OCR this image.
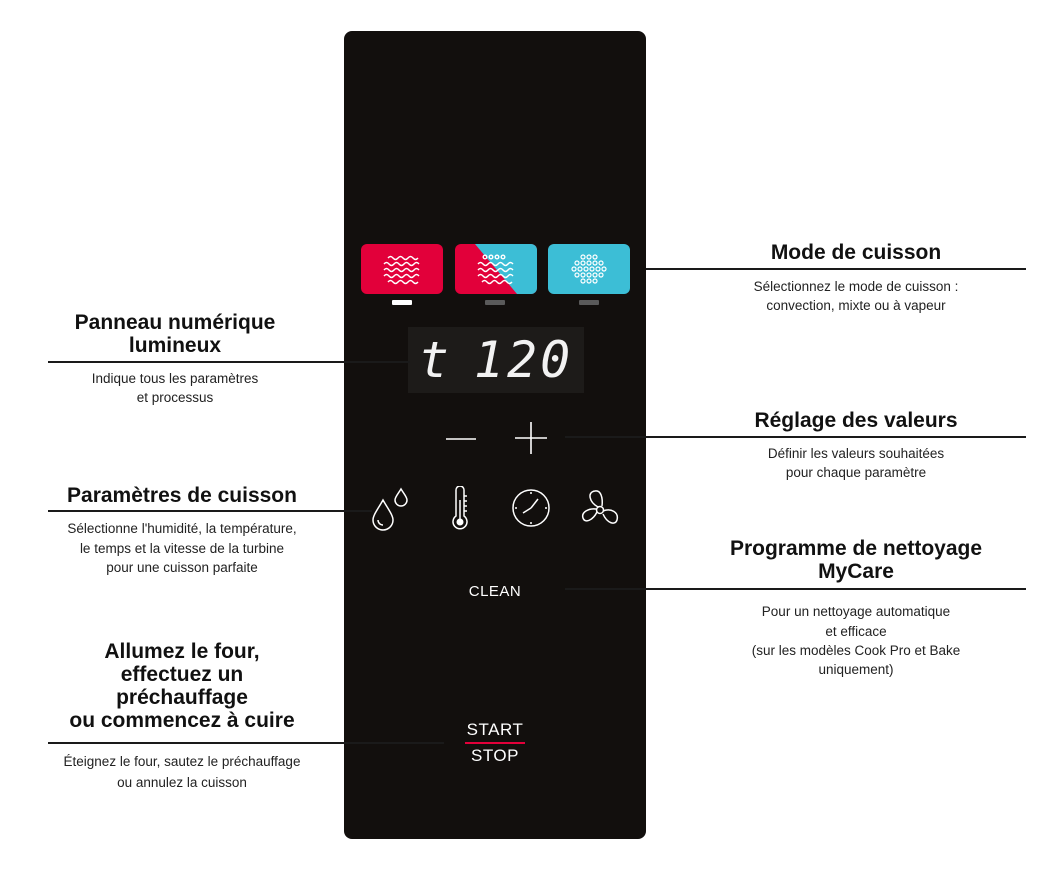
t 120
CLEAN
START
STOP
Mode de cuisson
Sélectionnez le mode de cuisson :
convection, mixte ou à vapeur
Panneau numérique
lumineux
Indique tous les paramètres
et processus
Réglage des valeurs
Définir les valeurs souhaitées
pour chaque paramètre
Paramètres de cuisson
Sélectionne l'humidité, la température,
le temps et la vitesse de la turbine
pour une cuisson parfaite
Programme de nettoyage
MyCare
Pour un nettoyage automatique
et efficace
(sur les modèles Cook Pro et Bake
uniquement)
Allumez le four,
effectuez un
préchauffage
ou commencez à cuire
Éteignez le four, sautez le préchauffage
ou annulez la cuisson
